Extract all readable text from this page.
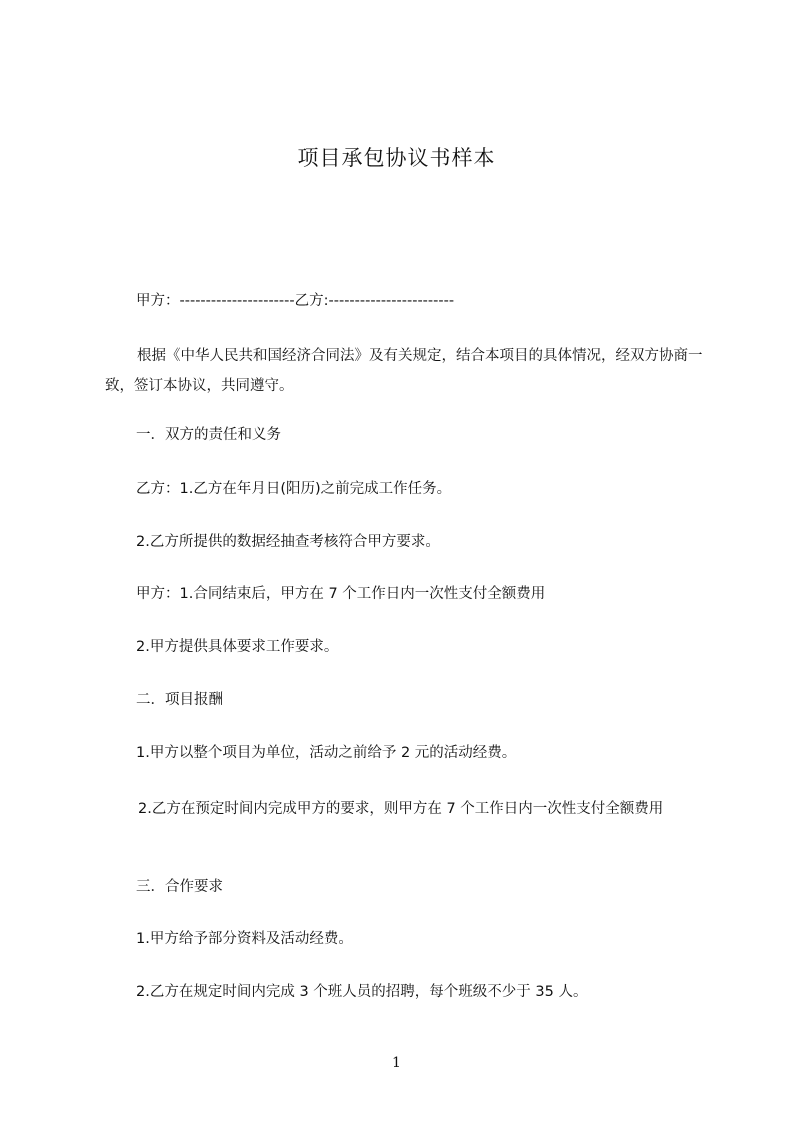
项目承包协议书样本
甲方：----------------------乙方:------------------------
根据《中华人民共和国经济合同法》及有关规定，结合本项目的具体情况，经双方协商一致，签订本协议，共同遵守。
一．双方的责任和义务
乙方：1.乙方在年月日(阳历)之前完成工作任务。
2.乙方所提供的数据经抽查考核符合甲方要求。
甲方：1.合同结束后，甲方在 7 个工作日内一次性支付全额费用
2.甲方提供具体要求工作要求。
二．项目报酬
1.甲方以整个项目为单位，活动之前给予 2 元的活动经费。
2.乙方在预定时间内完成甲方的要求，则甲方在 7 个工作日内一次性支付全额费用
三．合作要求
1.甲方给予部分资料及活动经费。
2.乙方在规定时间内完成 3 个班人员的招聘，每个班级不少于 35 人。
1
